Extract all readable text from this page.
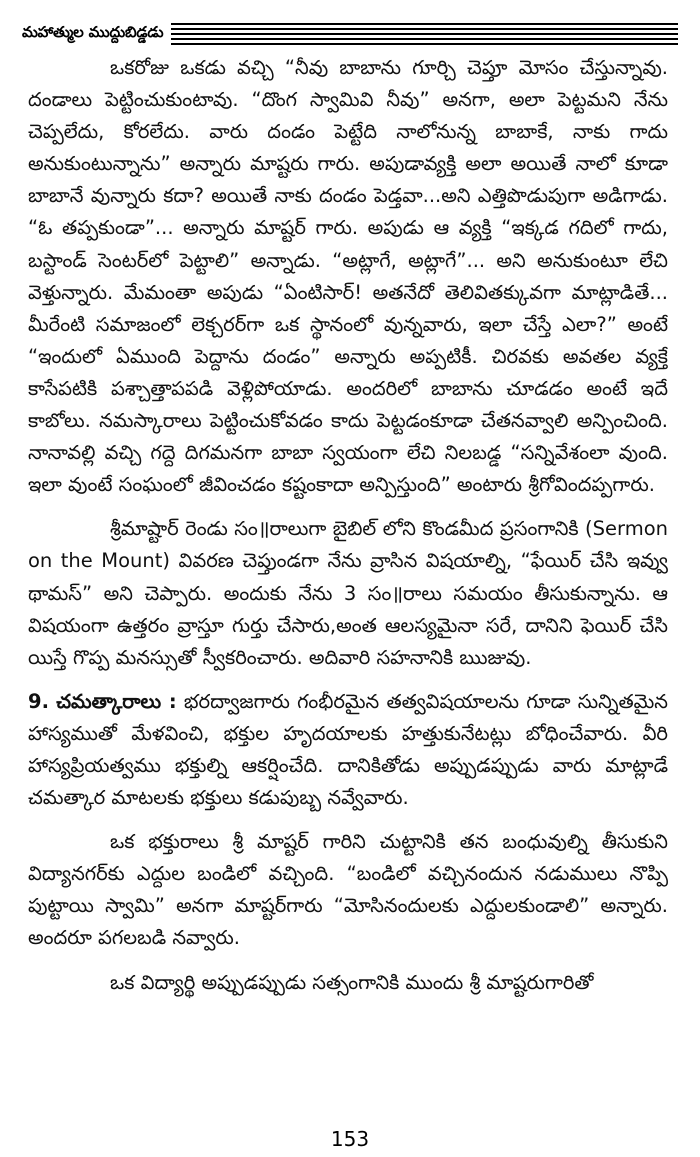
మహాత్ముల ముద్దుబిడ్డడు

ఒకరోజు ఒకడు వచ్చి “నీవు బాబాను గూర్చి చెప్తూ మోసం చేస్తున్నావు. దండాలు పెట్టించుకుంటావు. “దొంగ స్వామివి నీవు” అనగా, అలా పెట్టమని నేను చెప్పలేదు, కోరలేదు. వారు దండం పెట్టేది నాలోనున్న బాబాకే, నాకు గాదు అనుకుంటున్నాను” అన్నారు మాష్టరు గారు. అపుడావ్యక్తి అలా అయితే నాలో కూడా బాబానే వున్నారు కదా? అయితే నాకు దండం పెడ్తవా...అని ఎత్తిపొడుపుగా అడిగాడు. “ఓ తప్పకుండా”... అన్నారు మాష్టర్ గారు. అపుడు ఆ వ్యక్తి “ఇక్కడ గదిలో గాదు, బస్టాండ్ సెంటర్‌లో పెట్టాలి” అన్నాడు. “అట్లాగే, అట్లాగే”... అని అనుకుంటూ లేచి వెళ్తున్నారు. మేమంతా అపుడు “ఏంటిసార్! అతనేదో తెలివితక్కువగా మాట్లాడితే... మీరేంటి సమాజంలో లెక్చరర్‌గా ఒక స్థానంలో వున్నవారు, ఇలా చేస్తే ఎలా?” అంటే “ఇందులో ఏముంది పెద్దాను దండం” అన్నారు అప్పటికీ. చిరవకు అవతల వ్యక్తే కాసేపటికి పశ్చాత్తాపపడి వెళ్లిపోయాడు. అందరిలో బాబాను చూడడం అంటే ఇదే కాబోలు. నమస్కారాలు పెట్టించుకోవడం కాదు పెట్టడంకూడా చేతనవ్వాలి అన్పించింది. నానావల్లి వచ్చి గద్దె దిగమనగా బాబా స్వయంగా లేచి నిలబడ్డ “సన్నివేశంలా వుంది. ఇలా వుంటే సంఘంలో జీవించడం కష్టంకాదా అన్పిస్తుంది” అంటారు శ్రీగోవిందప్పగారు.

శ్రీమాష్టార్ రెండు సం॥రాలుగా బైబిల్ లోని కొండమీద ప్రసంగానికి (Sermon on the Mount) వివరణ చెప్తుండగా నేను వ్రాసిన విషయాల్ని, “ఫేయిర్ చేసి ఇవ్వు థామస్” అని చెప్పారు. అందుకు నేను 3 సం॥రాలు సమయం తీసుకున్నాను. ఆ విషయంగా ఉత్తరం వ్రాస్తూ గుర్తు చేసారు,అంత ఆలస్యమైనా సరే, దానిని ఫెయిర్ చేసి యిస్తే గొప్ప మనస్సుతో స్వీకరించారు. అదివారి సహనానికి ఋజువు.

9. చమత్కారాలు : భరద్వాజగారు గంభీరమైన తత్వవిషయాలను గూడా సున్నితమైన హాస్యముతో మేళవించి, భక్తుల హృదయాలకు హత్తుకునేటట్లు బోధించేవారు. వీరి హాస్యప్రియత్వము భక్తుల్ని ఆకర్షించేది. దానికితోడు అప్పుడప్పుడు వారు మాట్లాడే చమత్కార మాటలకు భక్తులు కడుపుబ్బ నవ్వేవారు.

ఒక భక్తురాలు శ్రీ మాష్టర్ గారిని చుట్టానికి తన బంధువుల్ని తీసుకుని విద్యానగర్‌కు ఎద్దుల బండిలో వచ్చింది. “బండిలో వచ్చినందున నడుములు నొప్పి పుట్టాయి స్వామి” అనగా మాష్టర్‌గారు “మోసినందులకు ఎద్దులకుండాలి” అన్నారు. అందరూ పగలబడి నవ్వారు.

ఒక విద్యార్థి అప్పుడప్పుడు సత్సంగానికి ముందు శ్రీ మాష్టరుగారితో

153
